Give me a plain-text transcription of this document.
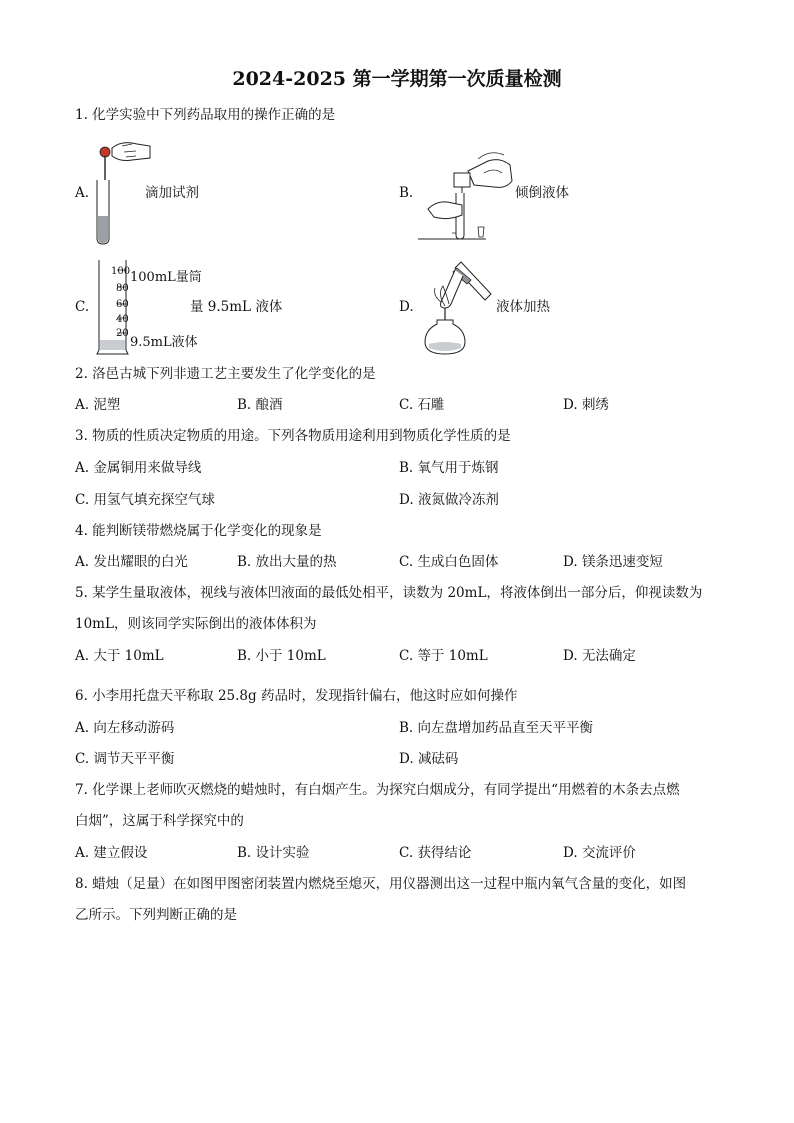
2024-2025 第一学期第一次质量检测
1. 化学实验中下列药品取用的操作正确的是
A.	滴加试剂	B.	倾倒液体
C.
100
80
60
40
20
100mL量筒
9.5mL液体
量 9.5mL 液体	D.	液体加热
2. 洛邑古城下列非遗工艺主要发生了化学变化的是
A. 泥塑	B. 酿酒	C. 石雕	D. 刺绣
3. 物质的性质决定物质的用途。下列各物质用途利用到物质化学性质的是
A. 金属铜用来做导线	B. 氧气用于炼钢
C. 用氢气填充探空气球	D. 液氮做冷冻剂
4. 能判断镁带燃烧属于化学变化的现象是
A. 发出耀眼的白光	B. 放出大量的热	C. 生成白色固体	D. 镁条迅速变短
5. 某学生量取液体，视线与液体凹液面的最低处相平，读数为 20mL，将液体倒出一部分后，仰视读数为
10mL，则该同学实际倒出的液体体积为
A. 大于 10mL	B. 小于 10mL	C. 等于 10mL	D. 无法确定
6. 小李用托盘天平称取 25.8g 药品时，发现指针偏右，他这时应如何操作
A. 向左移动游码	B. 向左盘增加药品直至天平平衡
C. 调节天平平衡	D. 减砝码
7. 化学课上老师吹灭燃烧的蜡烛时，有白烟产生。为探究白烟成分，有同学提出“用燃着的木条去点燃
白烟”，这属于科学探究中的
A. 建立假设	B. 设计实验	C. 获得结论	D. 交流评价
8. 蜡烛（足量）在如图甲图密闭装置内燃烧至熄灭，用仪器测出这一过程中瓶内氧气含量的变化，如图
乙所示。下列判断正确的是
